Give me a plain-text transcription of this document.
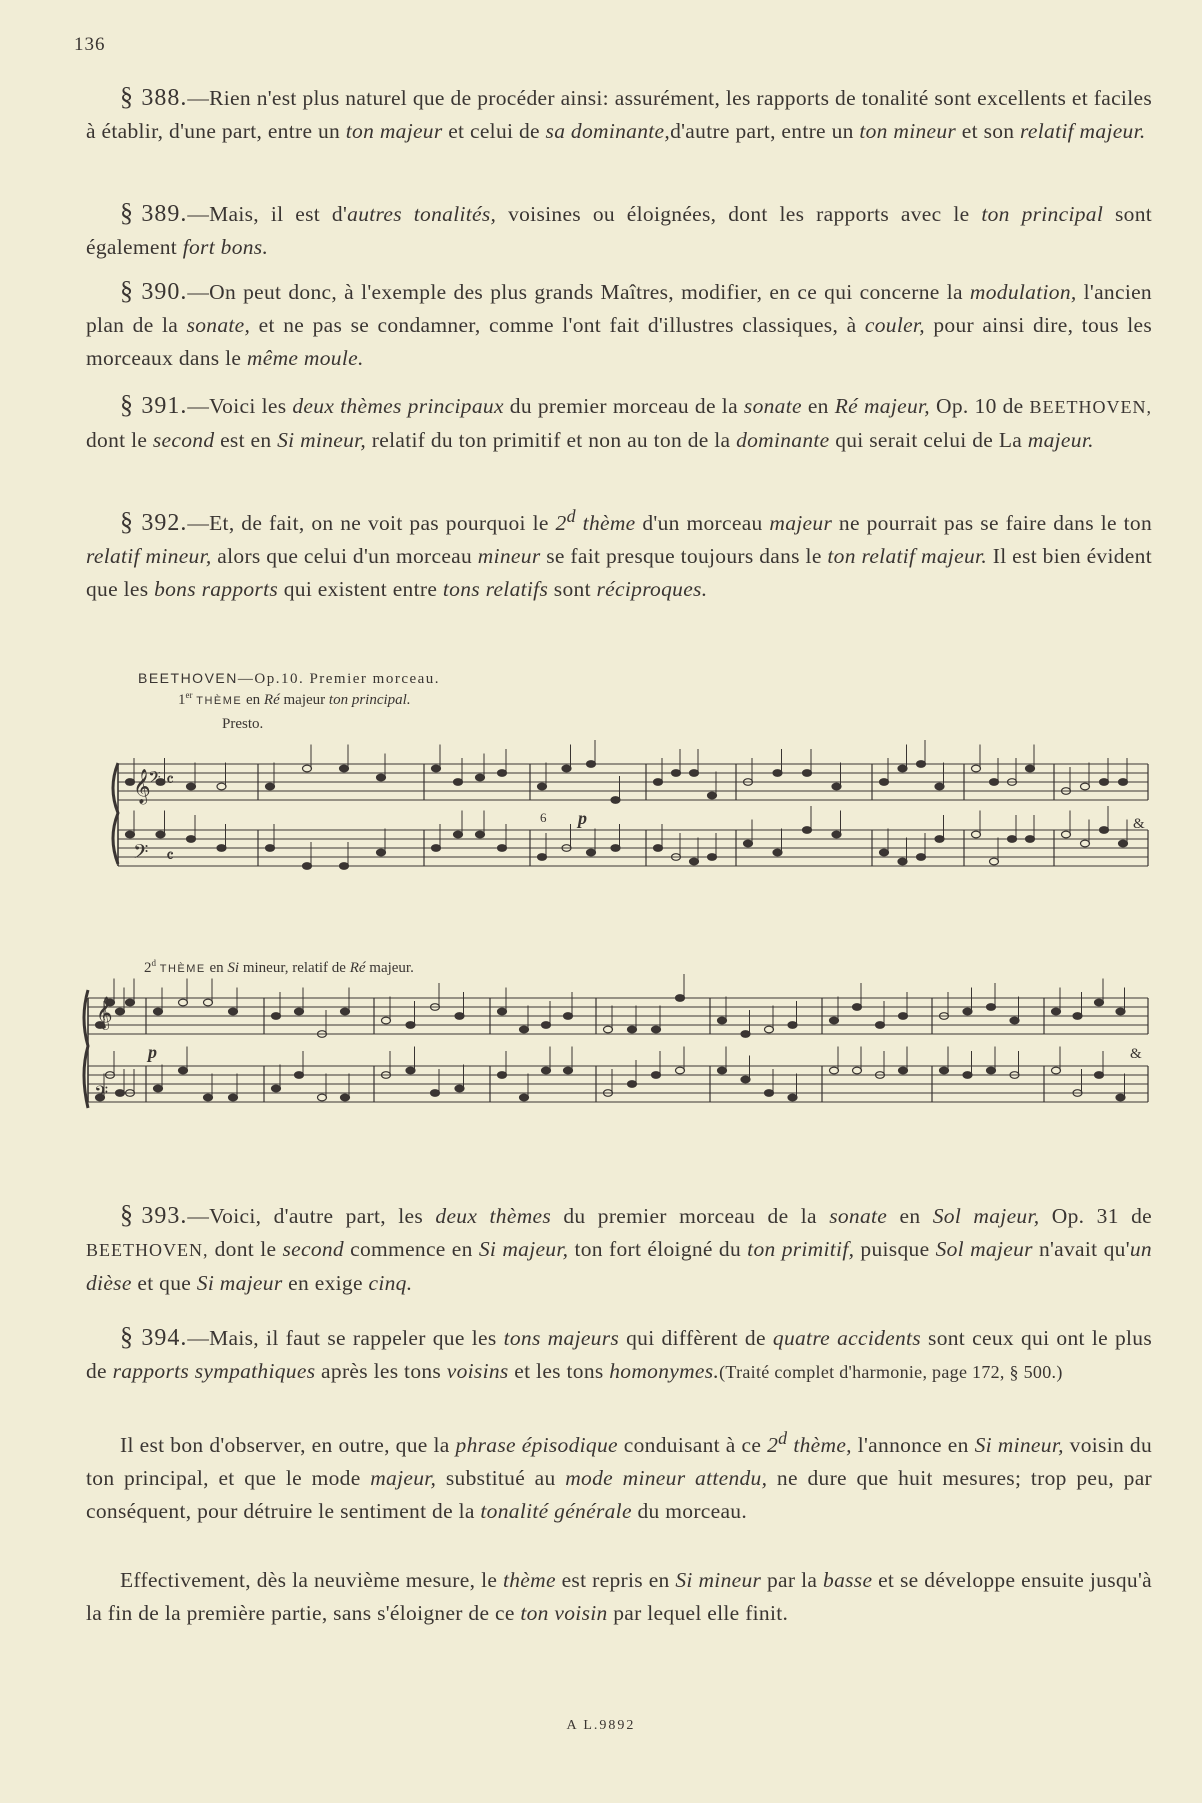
136
§ 388.—Rien n'est plus naturel que de procéder ainsi: assurément, les rapports de tonalité sont excellents et faciles à établir, d'une part, entre un ton majeur et celui de sa dominante,d'autre part, entre un ton mineur et son relatif majeur.
§ 389.—Mais, il est d'autres tonalités, voisines ou éloignées, dont les rapports avec le ton principal sont également fort bons.
§ 390.—On peut donc, à l'exemple des plus grands Maîtres, modifier, en ce qui concerne la modulation, l'ancien plan de la sonate, et ne pas se condamner, comme l'ont fait d'illustres classiques, à couler, pour ainsi dire, tous les morceaux dans le même moule.
§ 391.—Voici les deux thèmes principaux du premier morceau de la sonate en Ré majeur, Op. 10 de BEETHOVEN, dont le second est en Si mineur, relatif du ton primitif et non au ton de la dominante qui serait celui de La majeur.
§ 392.—Et, de fait, on ne voit pas pourquoi le 2$^d$ thème d'un morceau majeur ne pourrait pas se faire dans le ton relatif mineur, alors que celui d'un morceau mineur se fait presque toujours dans le ton relatif majeur. Il est bien évident que les bons rapports qui existent entre tons relatifs sont réciproques.
BEETHOVEN—Op.10. Premier morceau.
1er THÈME en Ré majeur ton principal.
Presto.
p
6
𝄞
𝄢
𝄢
𝄴
𝄴
&
2$^d$ THÈME en Si mineur, relatif de Ré majeur.
p
𝄞
𝄢
&
§ 393.—Voici, d'autre part, les deux thèmes du premier morceau de la sonate en Sol majeur, Op. 31 de BEETHOVEN, dont le second commence en Si majeur, ton fort éloigné du ton primitif, puisque Sol majeur n'avait qu'un dièse et que Si majeur en exige cinq.
§ 394.—Mais, il faut se rappeler que les tons majeurs qui diffèrent de quatre accidents sont ceux qui ont le plus de rapports sympathiques après les tons voisins et les tons homonymes.(Traité complet d'harmonie, page 172, § 500.)
Il est bon d'observer, en outre, que la phrase épisodique conduisant à ce 2$^d$ thème, l'annonce en Si mineur, voisin du ton principal, et que le mode majeur, substitué au mode mineur attendu, ne dure que huit mesures; trop peu, par conséquent, pour détruire le sentiment de la tonalité générale du morceau.
Effectivement, dès la neuvième mesure, le thème est repris en Si mineur par la basse et se développe ensuite jusqu'à la fin de la première partie, sans s'éloigner de ce ton voisin par lequel elle finit.
A L.9892
